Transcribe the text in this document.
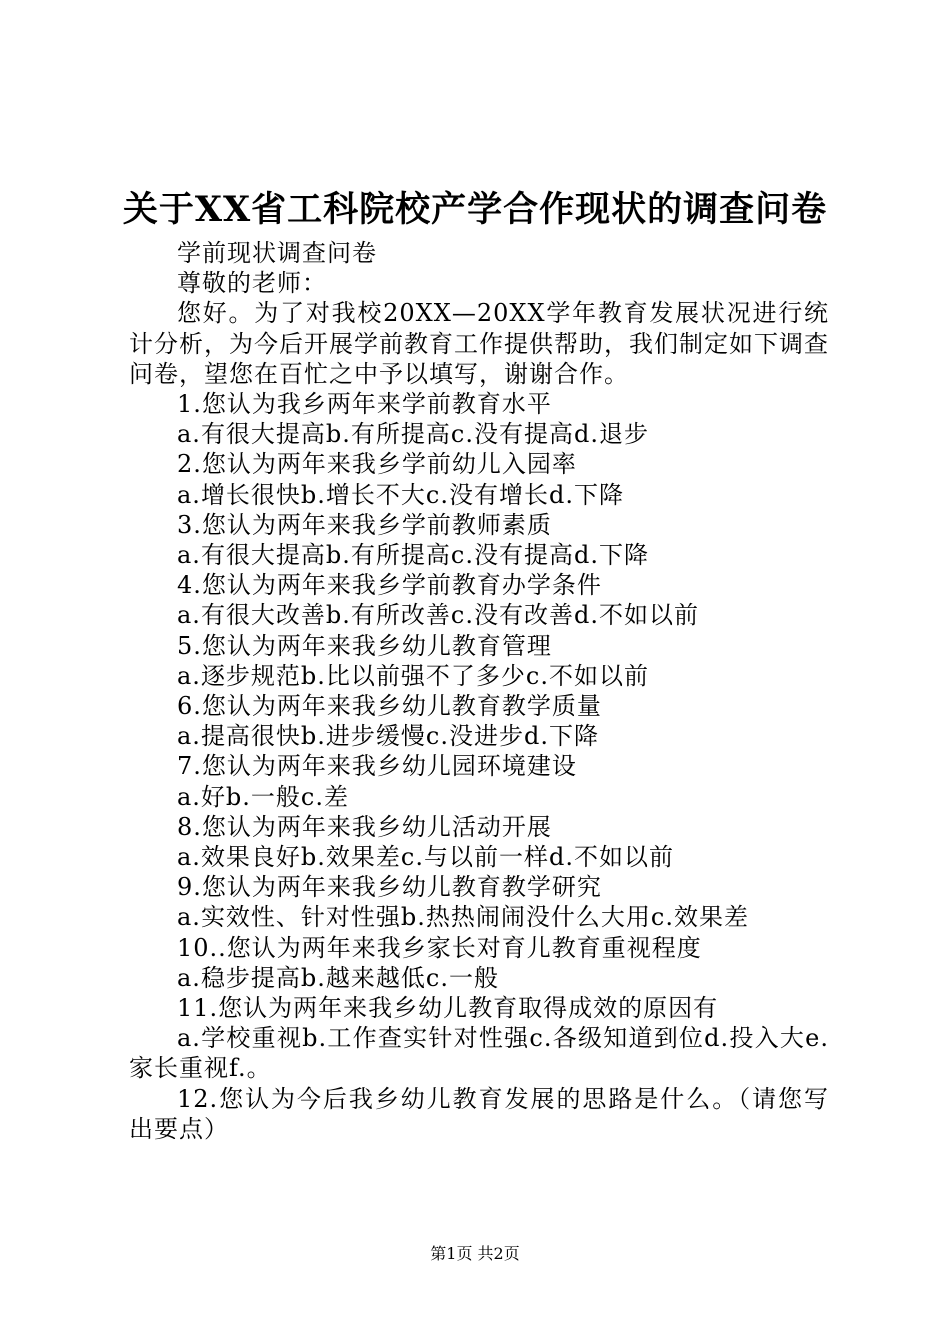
关于XX省工科院校产学合作现状的调查问卷

学前现状调查问卷

尊敬的老师：

您好。为了对我校20XX—20XX学年教育发展状况进行统计分析，为今后开展学前教育工作提供帮助，我们制定如下调查问卷，望您在百忙之中予以填写，谢谢合作。

1.您认为我乡两年来学前教育水平

a.有很大提高b.有所提高c.没有提高d.退步

2.您认为两年来我乡学前幼儿入园率

a.增长很快b.增长不大c.没有增长d.下降

3.您认为两年来我乡学前教师素质

a.有很大提高b.有所提高c.没有提高d.下降

4.您认为两年来我乡学前教育办学条件

a.有很大改善b.有所改善c.没有改善d.不如以前

5.您认为两年来我乡幼儿教育管理

a.逐步规范b.比以前强不了多少c.不如以前

6.您认为两年来我乡幼儿教育教学质量

a.提高很快b.进步缓慢c.没进步d.下降

7.您认为两年来我乡幼儿园环境建设

a.好b.一般c.差

8.您认为两年来我乡幼儿活动开展

a.效果良好b.效果差c.与以前一样d.不如以前

9.您认为两年来我乡幼儿教育教学研究

a.实效性、针对性强b.热热闹闹没什么大用c.效果差

10..您认为两年来我乡家长对育儿教育重视程度

a.稳步提高b.越来越低c.一般

11.您认为两年来我乡幼儿教育取得成效的原因有

a.学校重视b.工作查实针对性强c.各级知道到位d.投入大e.家长重视f.。

12.您认为今后我乡幼儿教育发展的思路是什么。（请您写出要点）

第1页 共2页
